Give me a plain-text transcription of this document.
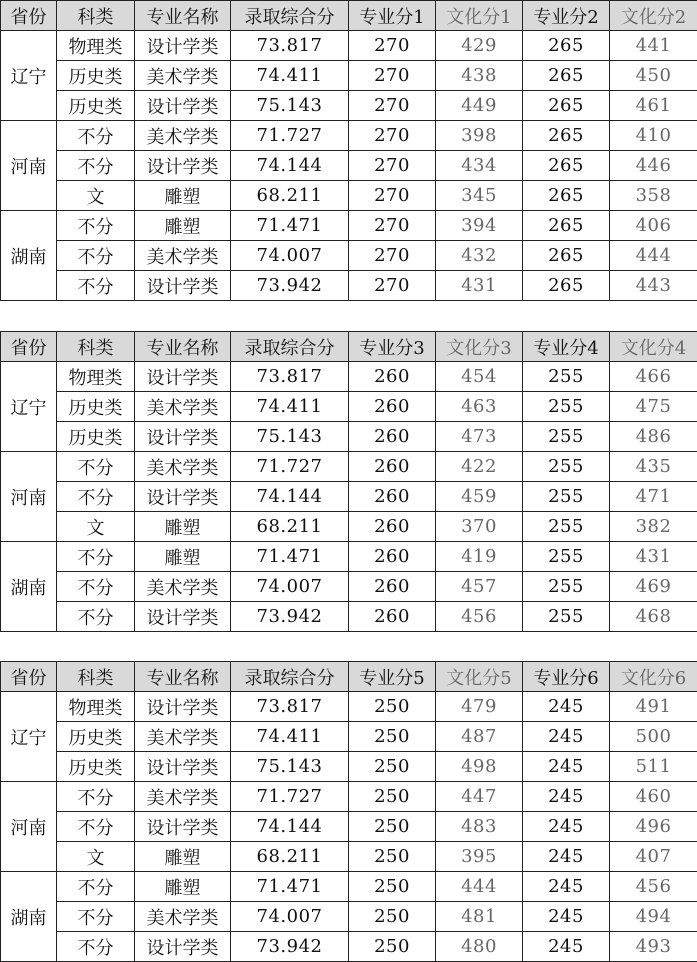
省份	科类	专业名称	录取综合分	专业分1	文化分1	专业分2	文化分2
辽宁	物理类	设计学类	73.817	270	429	265	441
	历史类	美术学类	74.411	270	438	265	450
	历史类	设计学类	75.143	270	449	265	461
河南	不分	美术学类	71.727	270	398	265	410
	不分	设计学类	74.144	270	434	265	446
	文	雕塑	68.211	270	345	265	358
湖南	不分	雕塑	71.471	270	394	265	406
	不分	美术学类	74.007	270	432	265	444
	不分	设计学类	73.942	270	431	265	443
省份	科类	专业名称	录取综合分	专业分3	文化分3	专业分4	文化分4
辽宁	物理类	设计学类	73.817	260	454	255	466
	历史类	美术学类	74.411	260	463	255	475
	历史类	设计学类	75.143	260	473	255	486
河南	不分	美术学类	71.727	260	422	255	435
	不分	设计学类	74.144	260	459	255	471
	文	雕塑	68.211	260	370	255	382
湖南	不分	雕塑	71.471	260	419	255	431
	不分	美术学类	74.007	260	457	255	469
	不分	设计学类	73.942	260	456	255	468
省份	科类	专业名称	录取综合分	专业分5	文化分5	专业分6	文化分6
辽宁	物理类	设计学类	73.817	250	479	245	491
	历史类	美术学类	74.411	250	487	245	500
	历史类	设计学类	75.143	250	498	245	511
河南	不分	美术学类	71.727	250	447	245	460
	不分	设计学类	74.144	250	483	245	496
	文	雕塑	68.211	250	395	245	407
湖南	不分	雕塑	71.471	250	444	245	456
	不分	美术学类	74.007	250	481	245	494
	不分	设计学类	73.942	250	480	245	493
